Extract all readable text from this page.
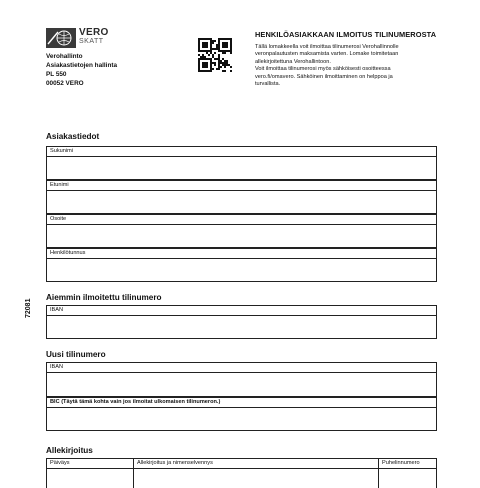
VERO
SKATT
Verohallinto
Asiakastietojen hallinta
PL 550
00052 VERO
HENKILÖASIAKKAAN ILMOITUS TILINUMEROSTA
Tällä lomakkeella voit ilmoittaa tilinumerosi Verohallinnolle
veronpalautusten maksamista varten. Lomake toimitetaan
allekirjoitettuna Verohallintoon.
Voit ilmoittaa tilinumerosi myös sähköisesti osoitteessa
vero.fi/omavero. Sähköinen ilmoittaminen on helppoa ja
turvallista.
72081
Asiakastiedot
Sukunimi
Etunimi
Osoite
Henkilötunnus
Aiemmin ilmoitettu tilinumero
IBAN
Uusi tilinumero
IBAN
BIC (Täytä tämä kohta vain jos ilmoitat ulkomaisen tilinumeron.)
Allekirjoitus
Päiväys	Allekirjoitus ja nimenselvennys	Puhelinnumero
